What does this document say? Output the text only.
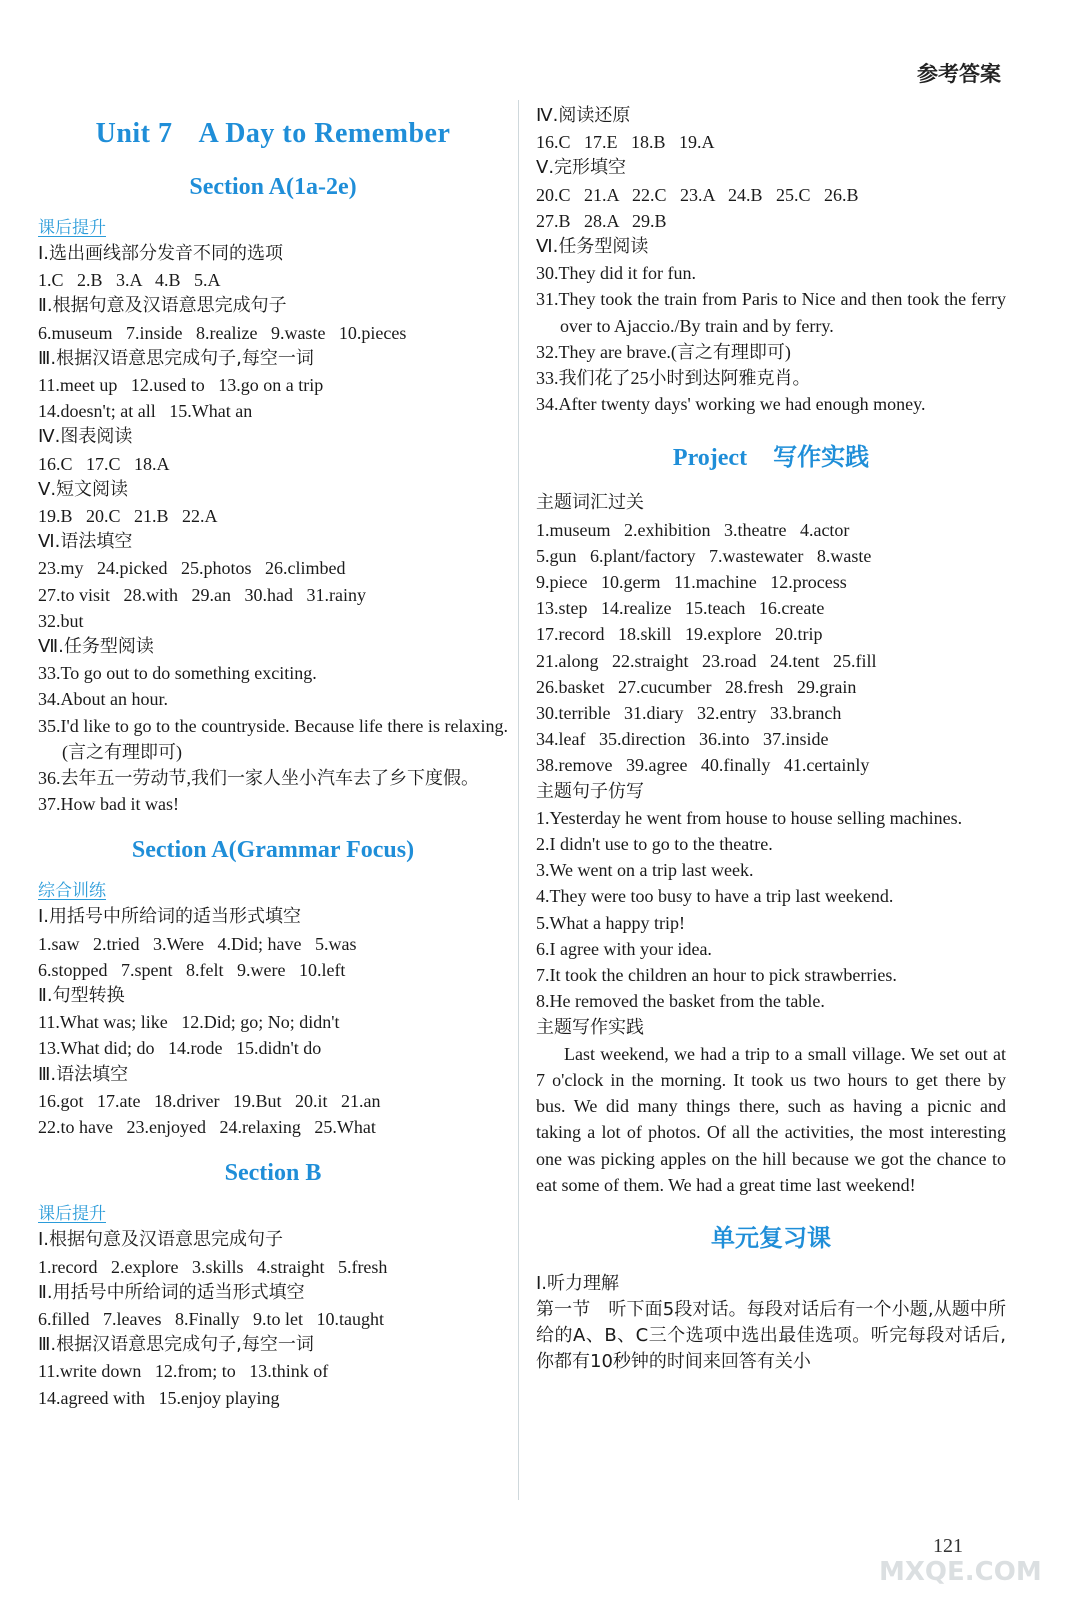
参考答案
Unit 7 A Day to Remember
Section A(1a-2e)
课后提升
Ⅰ.选出画线部分发音不同的选项
1.C   2.B   3.A   4.B   5.A
Ⅱ.根据句意及汉语意思完成句子
6.museum   7.inside   8.realize   9.waste   10.pieces
Ⅲ.根据汉语意思完成句子,每空一词
11.meet up   12.used to   13.go on a trip
14.doesn't; at all   15.What an
Ⅳ.图表阅读
16.C   17.C   18.A
Ⅴ.短文阅读
19.B   20.C   21.B   22.A
Ⅵ.语法填空
23.my   24.picked   25.photos   26.climbed
27.to visit   28.with   29.an   30.had   31.rainy
32.but
Ⅶ.任务型阅读
33.To go out to do something exciting.
34.About an hour.
35.I'd like to go to the countryside. Because life there is relaxing.(言之有理即可)
36.去年五一劳动节,我们一家人坐小汽车去了乡下度假。
37.How bad it was!
Section A(Grammar Focus)
综合训练
Ⅰ.用括号中所给词的适当形式填空
1.saw   2.tried   3.Were   4.Did; have   5.was
6.stopped   7.spent   8.felt   9.were   10.left
Ⅱ.句型转换
11.What was; like   12.Did; go; No; didn't
13.What did; do   14.rode   15.didn't do
Ⅲ.语法填空
16.got   17.ate   18.driver   19.But   20.it   21.an
22.to have   23.enjoyed   24.relaxing   25.What
Section B
课后提升
Ⅰ.根据句意及汉语意思完成句子
1.record   2.explore   3.skills   4.straight   5.fresh
Ⅱ.用括号中所给词的适当形式填空
6.filled   7.leaves   8.Finally   9.to let   10.taught
Ⅲ.根据汉语意思完成句子,每空一词
11.write down   12.from; to   13.think of
14.agreed with   15.enjoy playing
Ⅳ.阅读还原
16.C   17.E   18.B   19.A
Ⅴ.完形填空
20.C   21.A   22.C   23.A   24.B   25.C   26.B
27.B   28.A   29.B
Ⅵ.任务型阅读
30.They did it for fun.
31.They took the train from Paris to Nice and then took the ferry over to Ajaccio./By train and by ferry.
32.They are brave.(言之有理即可)
33.我们花了25小时到达阿雅克肖。
34.After twenty days' working we had enough money.
Project 写作实践
主题词汇过关
1.museum   2.exhibition   3.theatre   4.actor
5.gun   6.plant/factory   7.wastewater   8.waste
9.piece   10.germ   11.machine   12.process
13.step   14.realize   15.teach   16.create
17.record   18.skill   19.explore   20.trip
21.along   22.straight   23.road   24.tent   25.fill
26.basket   27.cucumber   28.fresh   29.grain
30.terrible   31.diary   32.entry   33.branch
34.leaf   35.direction   36.into   37.inside
38.remove   39.agree   40.finally   41.certainly
主题句子仿写
1.Yesterday he went from house to house selling machines.
2.I didn't use to go to the theatre.
3.We went on a trip last week.
4.They were too busy to have a trip last weekend.
5.What a happy trip!
6.I agree with your idea.
7.It took the children an hour to pick strawberries.
8.He removed the basket from the table.
主题写作实践
Last weekend, we had a trip to a small village. We set out at 7 o'clock in the morning. It took us two hours to get there by bus. We did many things there, such as having a picnic and taking a lot of photos. Of all the activities, the most interesting one was picking apples on the hill because we got the chance to eat some of them. We had a great time last weekend!
单元复习课
Ⅰ.听力理解
第一节　听下面5段对话。每段对话后有一个小题,从题中所给的A、B、C三个选项中选出最佳选项。听完每段对话后,你都有10秒钟的时间来回答有关小
121
MXQE.COM
